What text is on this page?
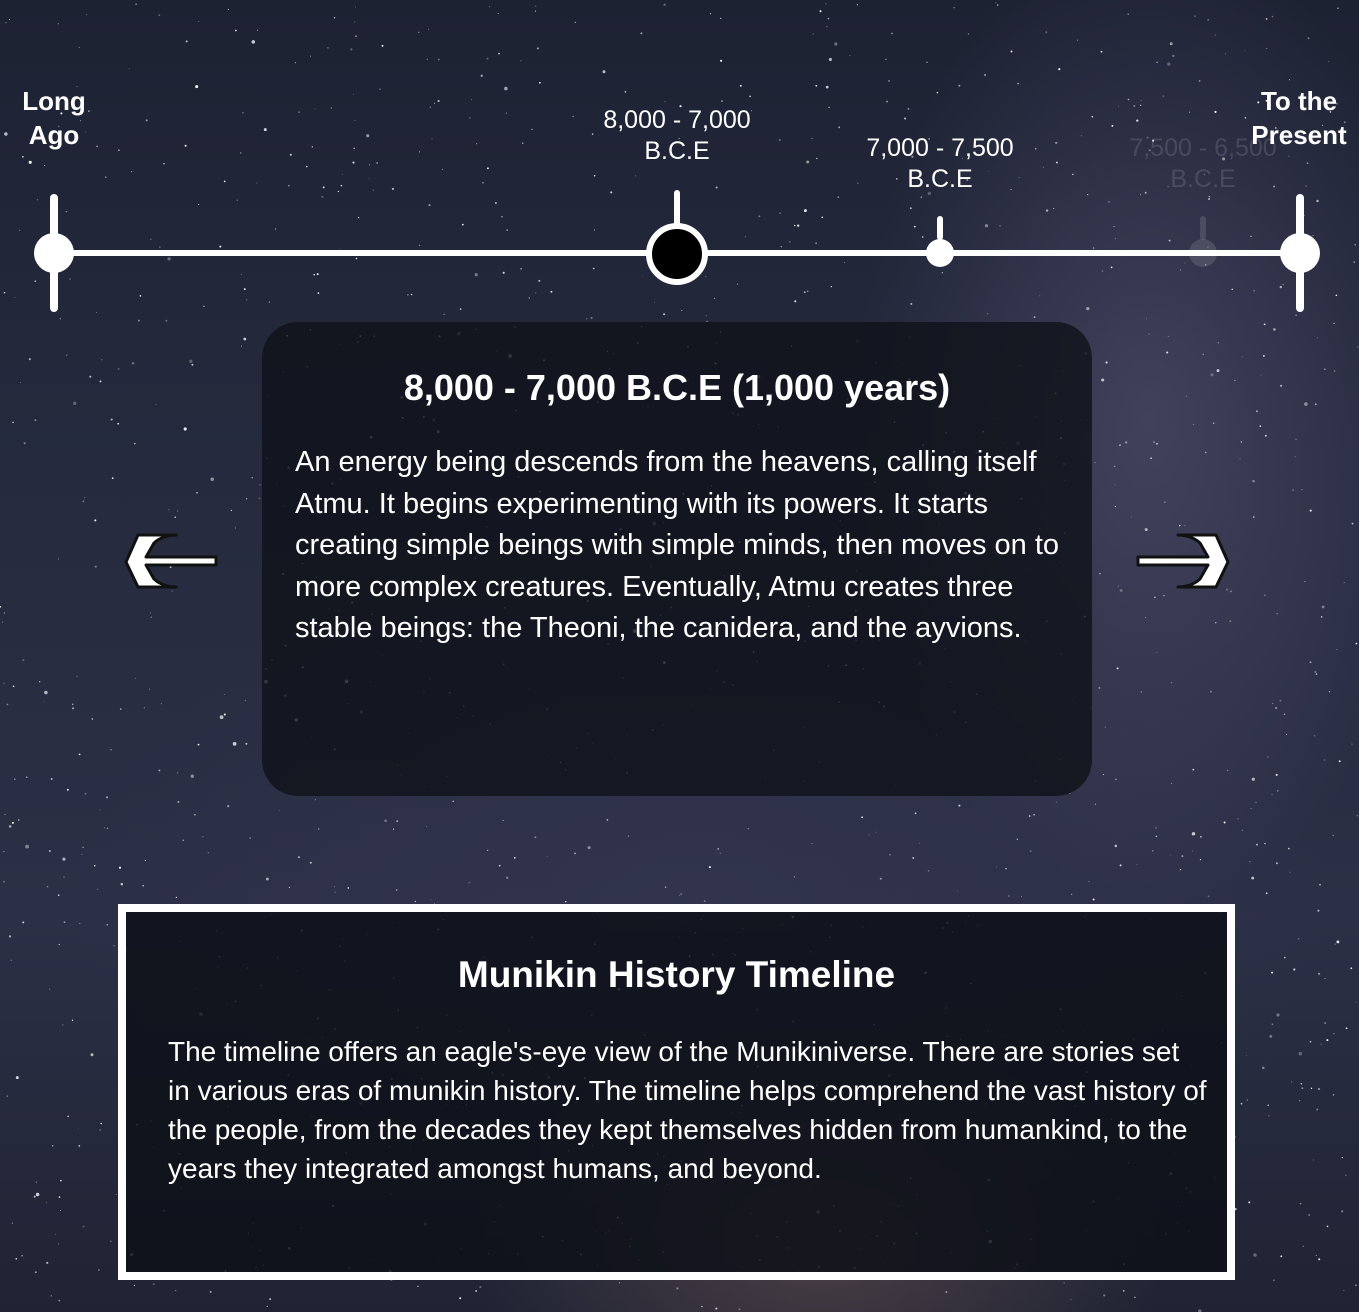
Long Ago
To the Present
8,000 - 7,000 B.C.E	7,000 - 7,500 B.C.E
7,500 - 6,500 B.C.E
8,000 - 7,000 B.C.E (1,000 years)
An energy being descends from the heavens, calling itself Atmu. It begins experimenting with its powers. It starts creating simple beings with simple minds, then moves on to more complex creatures. Eventually, Atmu creates three stable beings: the Theoni, the canidera, and the ayvions.
Munikin History Timeline
The timeline offers an eagle's-eye view of the Munikiniverse. There are stories set in various eras of munikin history. The timeline helps comprehend the vast history of the people, from the decades they kept themselves hidden from humankind, to the years they integrated amongst humans, and beyond.
